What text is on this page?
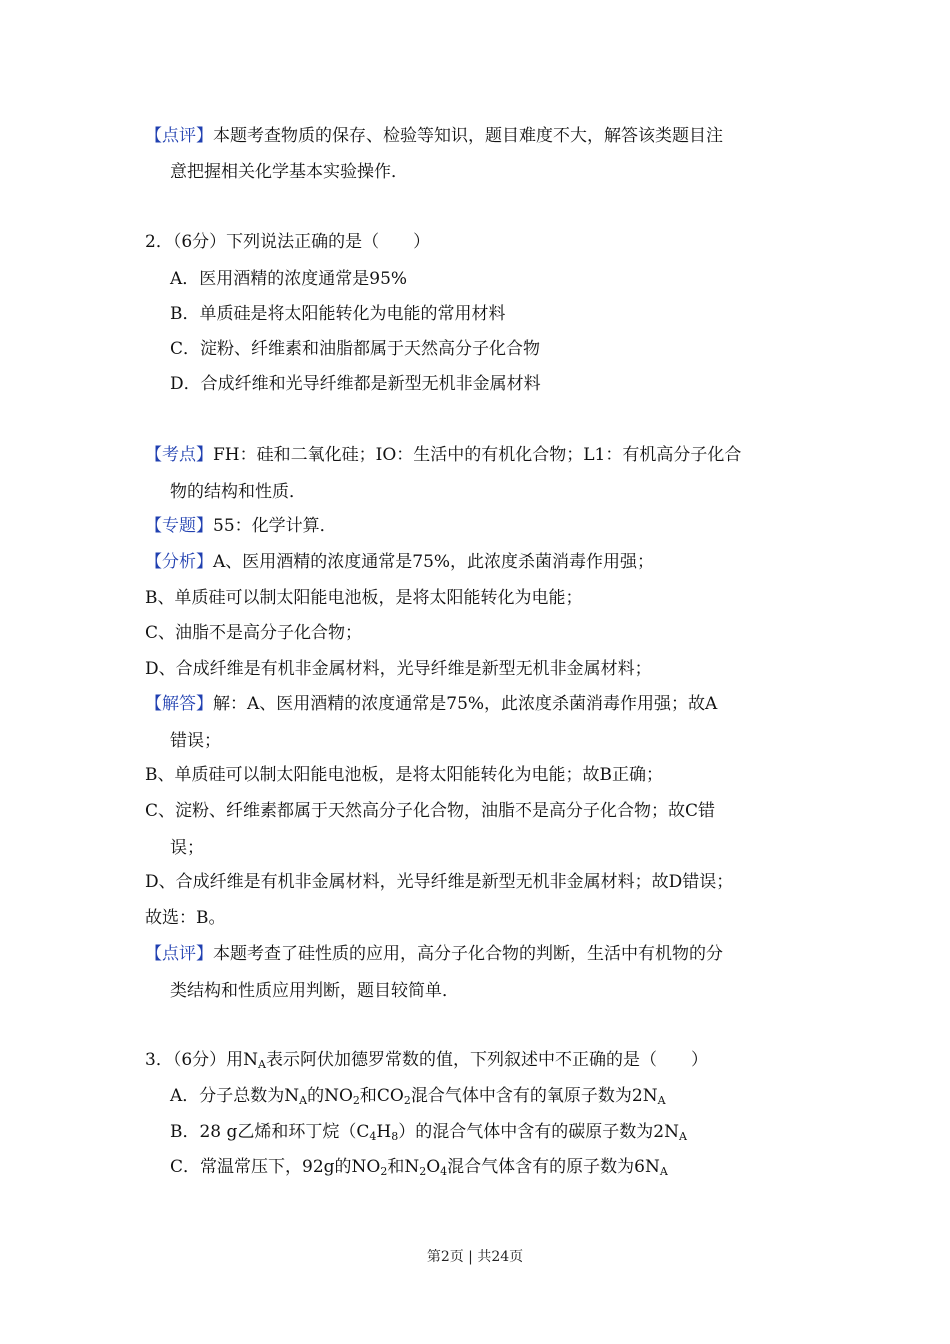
【点评】本题考查物质的保存、检验等知识，题目难度不大，解答该类题目注
意把握相关化学基本实验操作．
2．（6分）下列说法正确的是（　　）
A．医用酒精的浓度通常是95%
B．单质硅是将太阳能转化为电能的常用材料
C．淀粉、纤维素和油脂都属于天然高分子化合物
D．合成纤维和光导纤维都是新型无机非金属材料
【考点】FH：硅和二氧化硅；IO：生活中的有机化合物；L1：有机高分子化合
物的结构和性质．
【专题】55：化学计算．
【分析】A、医用酒精的浓度通常是75%，此浓度杀菌消毒作用强；
B、单质硅可以制太阳能电池板，是将太阳能转化为电能；
C、油脂不是高分子化合物；
D、合成纤维是有机非金属材料，光导纤维是新型无机非金属材料；
【解答】解：A、医用酒精的浓度通常是75%，此浓度杀菌消毒作用强；故A
错误；
B、单质硅可以制太阳能电池板，是将太阳能转化为电能；故B正确；
C、淀粉、纤维素都属于天然高分子化合物，油脂不是高分子化合物；故C错
误；
D、合成纤维是有机非金属材料，光导纤维是新型无机非金属材料；故D错误；
故选：B。
【点评】本题考查了硅性质的应用，高分子化合物的判断，生活中有机物的分
类结构和性质应用判断，题目较简单．
3．（6分）用$N_A$表示阿伏加德罗常数的值，下列叙述中不正确的是（　　）
A．分子总数为$N_A$的$NO_2$和$CO_2$混合气体中含有的氧原子数为$2N_A$
B．28 g乙烯和环丁烷$(C_4H_8)$的混合气体中含有的碳原子数为$2N_A$
C．常温常压下，92g的$NO_2$和$N_2O_4$混合气体含有的原子数为$6N_A$
第2页 | 共24页
